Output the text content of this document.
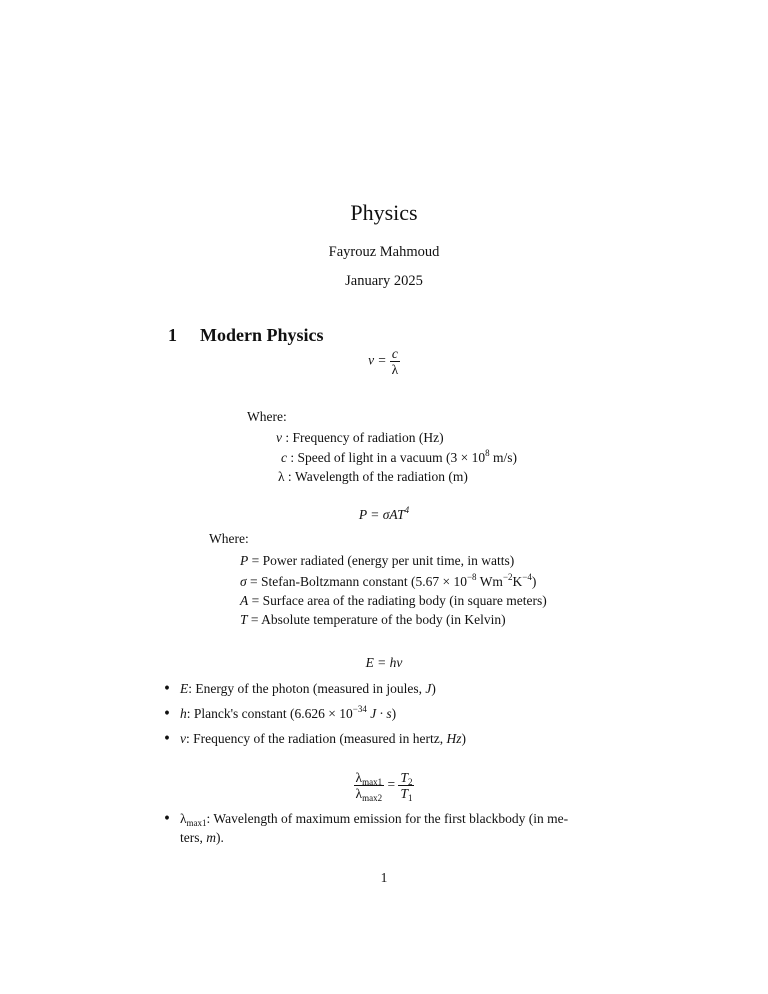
Physics
Fayrouz Mahmoud
January 2025
1 Modern Physics
$\nu = \frac{c}{\lambda}$
Where:
ν : Frequency of radiation (Hz)
c : Speed of light in a vacuum ($3 \times 10^8$ m/s)
λ : Wavelength of the radiation (m)
P = σAT$^4$
Where:
P = Power radiated (energy per unit time, in watts)
σ = Stefan-Boltzmann constant ($5.67 \times 10^{-8}$ $Wm^{-2}K^{-4}$)
A = Surface area of the radiating body (in square meters)
T = Absolute temperature of the body (in Kelvin)
E = hν
• E: Energy of the photon (measured in joules, J)
• h: Planck's constant ($6.626 \times 10^{-34}$ J · s)
• ν: Frequency of the radiation (measured in hertz, Hz)
$\frac{\lambda_{max1}}{\lambda_{max2}} = \frac{T_2}{T_1}$
• $\lambda_{max1}$: Wavelength of maximum emission for the first blackbody (in me-
ters, m).
1
